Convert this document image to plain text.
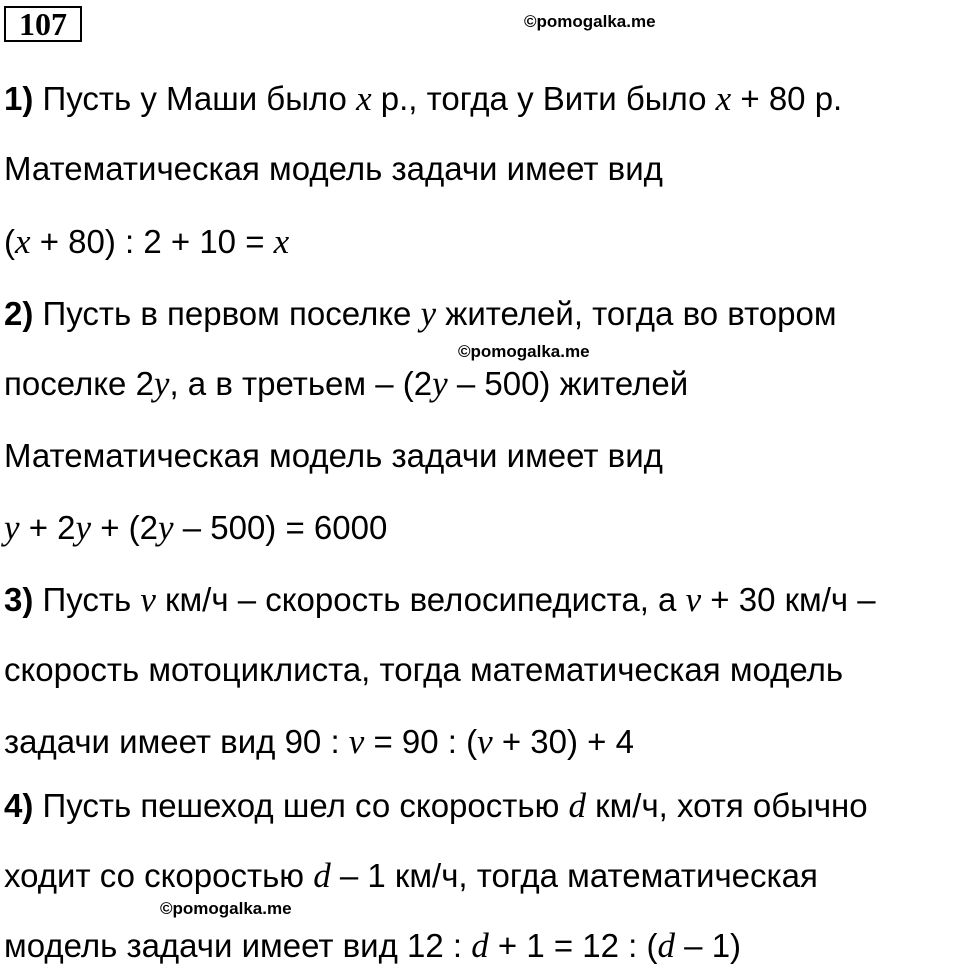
107	©pomogalka.me
©pomogalka.me
©pomogalka.me
1) Пусть у Маши было x р., тогда у Вити было x + 80 р.
Математическая модель задачи имеет вид
(x + 80) : 2 + 10 = x
2) Пусть в первом поселке y жителей, тогда во втором
поселке 2y, а в третьем – (2y – 500) жителей
Математическая модель задачи имеет вид
y + 2y + (2y – 500) = 6000
3) Пусть v км/ч – скорость велосипедиста, а v + 30 км/ч –
скорость мотоциклиста, тогда математическая модель
задачи имеет вид 90 : v = 90 : (v + 30) + 4
4) Пусть пешеход шел со скоростью d км/ч, хотя обычно
ходит со скоростью d – 1 км/ч, тогда математическая
модель задачи имеет вид 12 : d + 1 = 12 : (d – 1)
